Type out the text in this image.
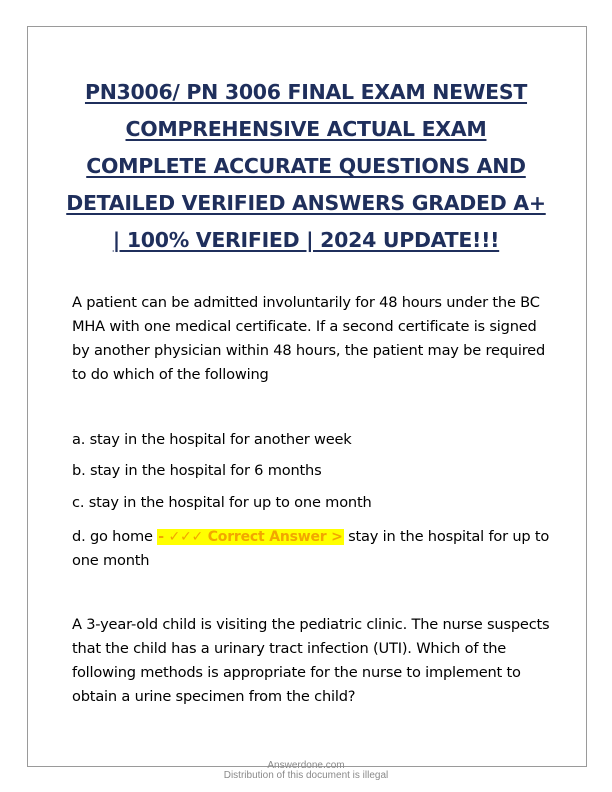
PN3006/ PN 3006 FINAL EXAM NEWEST
COMPREHENSIVE ACTUAL EXAM
COMPLETE ACCURATE QUESTIONS AND
DETAILED VERIFIED ANSWERS GRADED A+
| 100% VERIFIED | 2024 UPDATE!!!
A patient can be admitted involuntarily for 48 hours under the BC MHA with one medical certificate. If a second certificate is signed by another physician within 48 hours, the patient may be required to do which of the following
a. stay in the hospital for another week
b. stay in the hospital for 6 months
c. stay in the hospital for up to one month
d. go home - ✓✓✓ Correct Answer > stay in the hospital for up to one month
A 3-year-old child is visiting the pediatric clinic. The nurse suspects that the child has a urinary tract infection (UTI). Which of the following methods is appropriate for the nurse to implement to obtain a urine specimen from the child?
Answerdone.com
Distribution of this document is illegal
